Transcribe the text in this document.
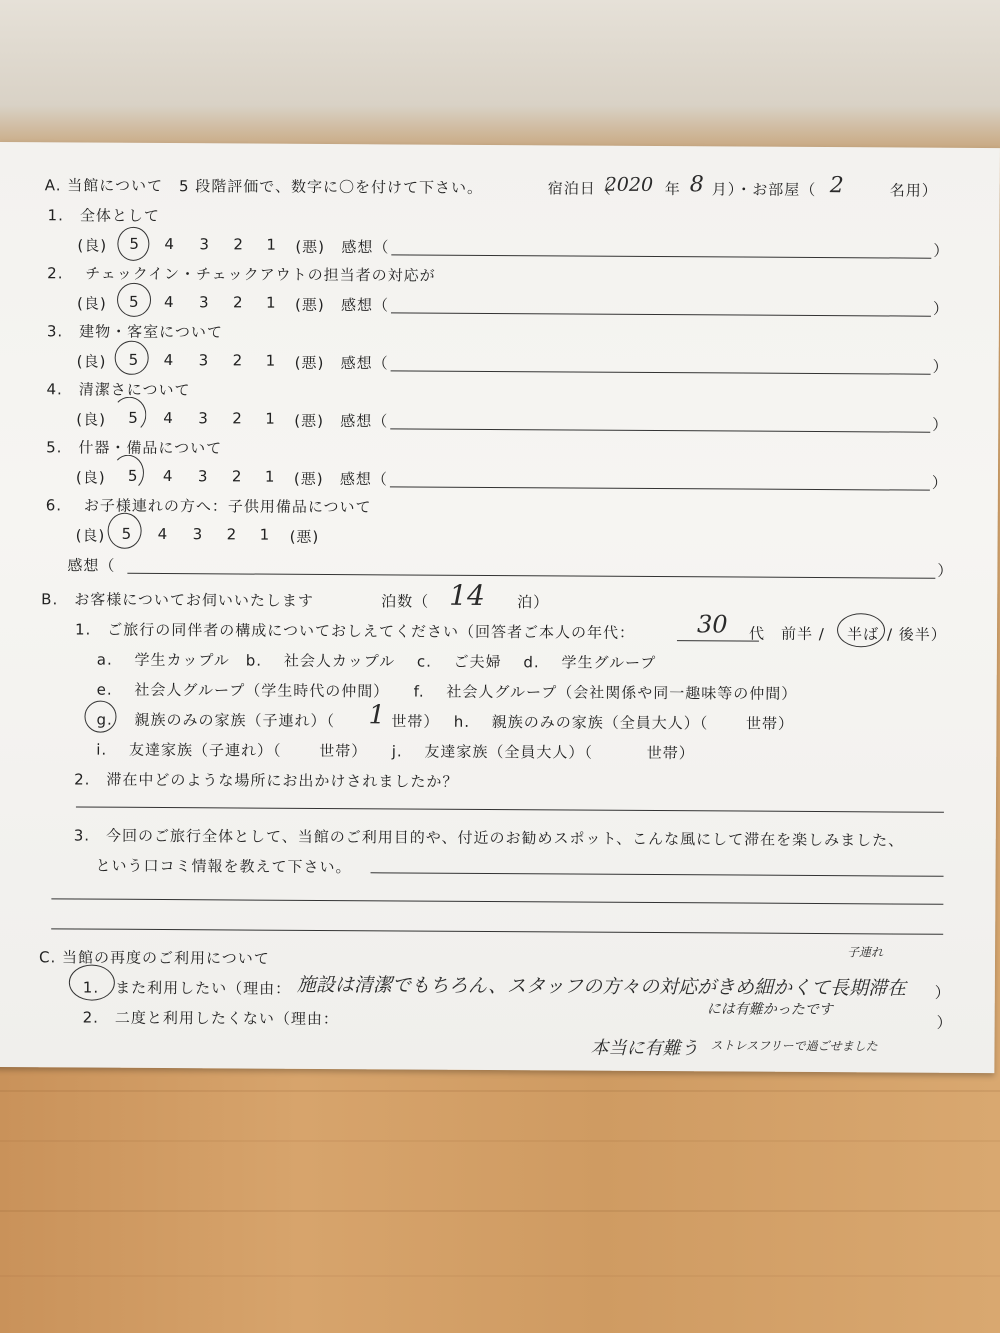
A. 当館について　5 段階評価で、数字に〇を付けて下さい。	宿泊日（
2020 年 8 月）・お部屋（ 2	名用）
1.　全体として
(良) 5 4 3 2 1 (悪) 感想（	）
2.　 チェックイン・チェックアウトの担当者の対応が
(良) 5 4 3 2 1 (悪) 感想（	）
3.　建物・客室について
(良) 5 4 3 2 1 (悪) 感想（	）
4.　清潔さについて
(良) 5 4 3 2 1 (悪) 感想（	）
5.　什器・備品について
(良) 5 4 3 2 1 (悪) 感想（	）
6.　 お子様連れの方へ：子供用備品について
(良) 5 4 3 2 1 (悪)
感想（	）
B.　お客様についてお伺いいたします	泊数（ 14 泊）
1.　ご旅行の同伴者の構成についておしえてください（回答者ご本人の年代：	30 代　前半 / 半ば / 後半）
a.　 学生カップル　b.　 社会人カップル　 c.　 ご夫婦　 d.　 学生グループ
e.　 社会人グループ（学生時代の仲間）　　f.　 社会人グループ（会社関係や同一趣味等の仲間）
g.　 親族のみの家族（子連れ）（ 1 世帯）　 h.　 親族のみの家族（全員大人）（　　 世帯）
i.　 友達家族（子連れ）（　　 世帯）　　j.　 友達家族（全員大人）（　　　 世帯）
2.　滞在中どのような場所にお出かけされましたか？
3.　今回のご旅行全体として、当館のご利用目的や、付近のお勧めスポット、こんな風にして滞在を楽しみました、
という口コミ情報を教えて下さい。
C. 当館の再度のご利用について
1.　また利用したい（理由： 施設は清潔でもちろん、スタッフの方々の対応がきめ細かくて長期滞在
子連れ
には有難かったです
）
2.　二度と利用したくない（理由：	）
本当に有難う ストレスフリーで過ごせました
